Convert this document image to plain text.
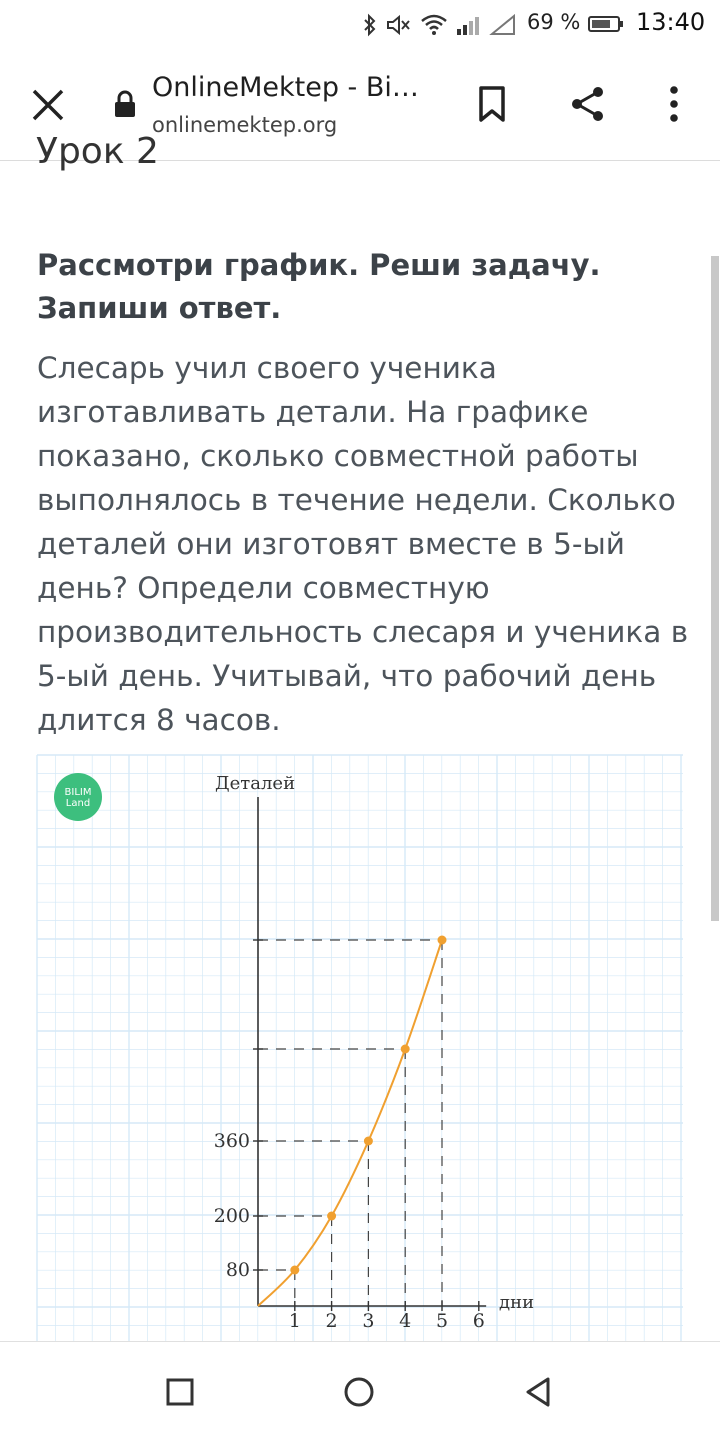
69 % 13:40
OnlineMektep - Bi…
onlinemektep.org
Урок 2
Рассмотри график. Реши задачу. Запиши ответ.
Слесарь учил своего ученика изготавливать детали. На графике показано, сколько совместной работы выполнялось в течение недели. Сколько деталей они изготовят вместе в 5-ый день? Определи совместную производительность слесаря и ученика в 5-ый день. Учитывай, что рабочий день длится 8 часов.
BILIM
Land
Деталей
дни
80
200
360
1 2 3 4 5 6
